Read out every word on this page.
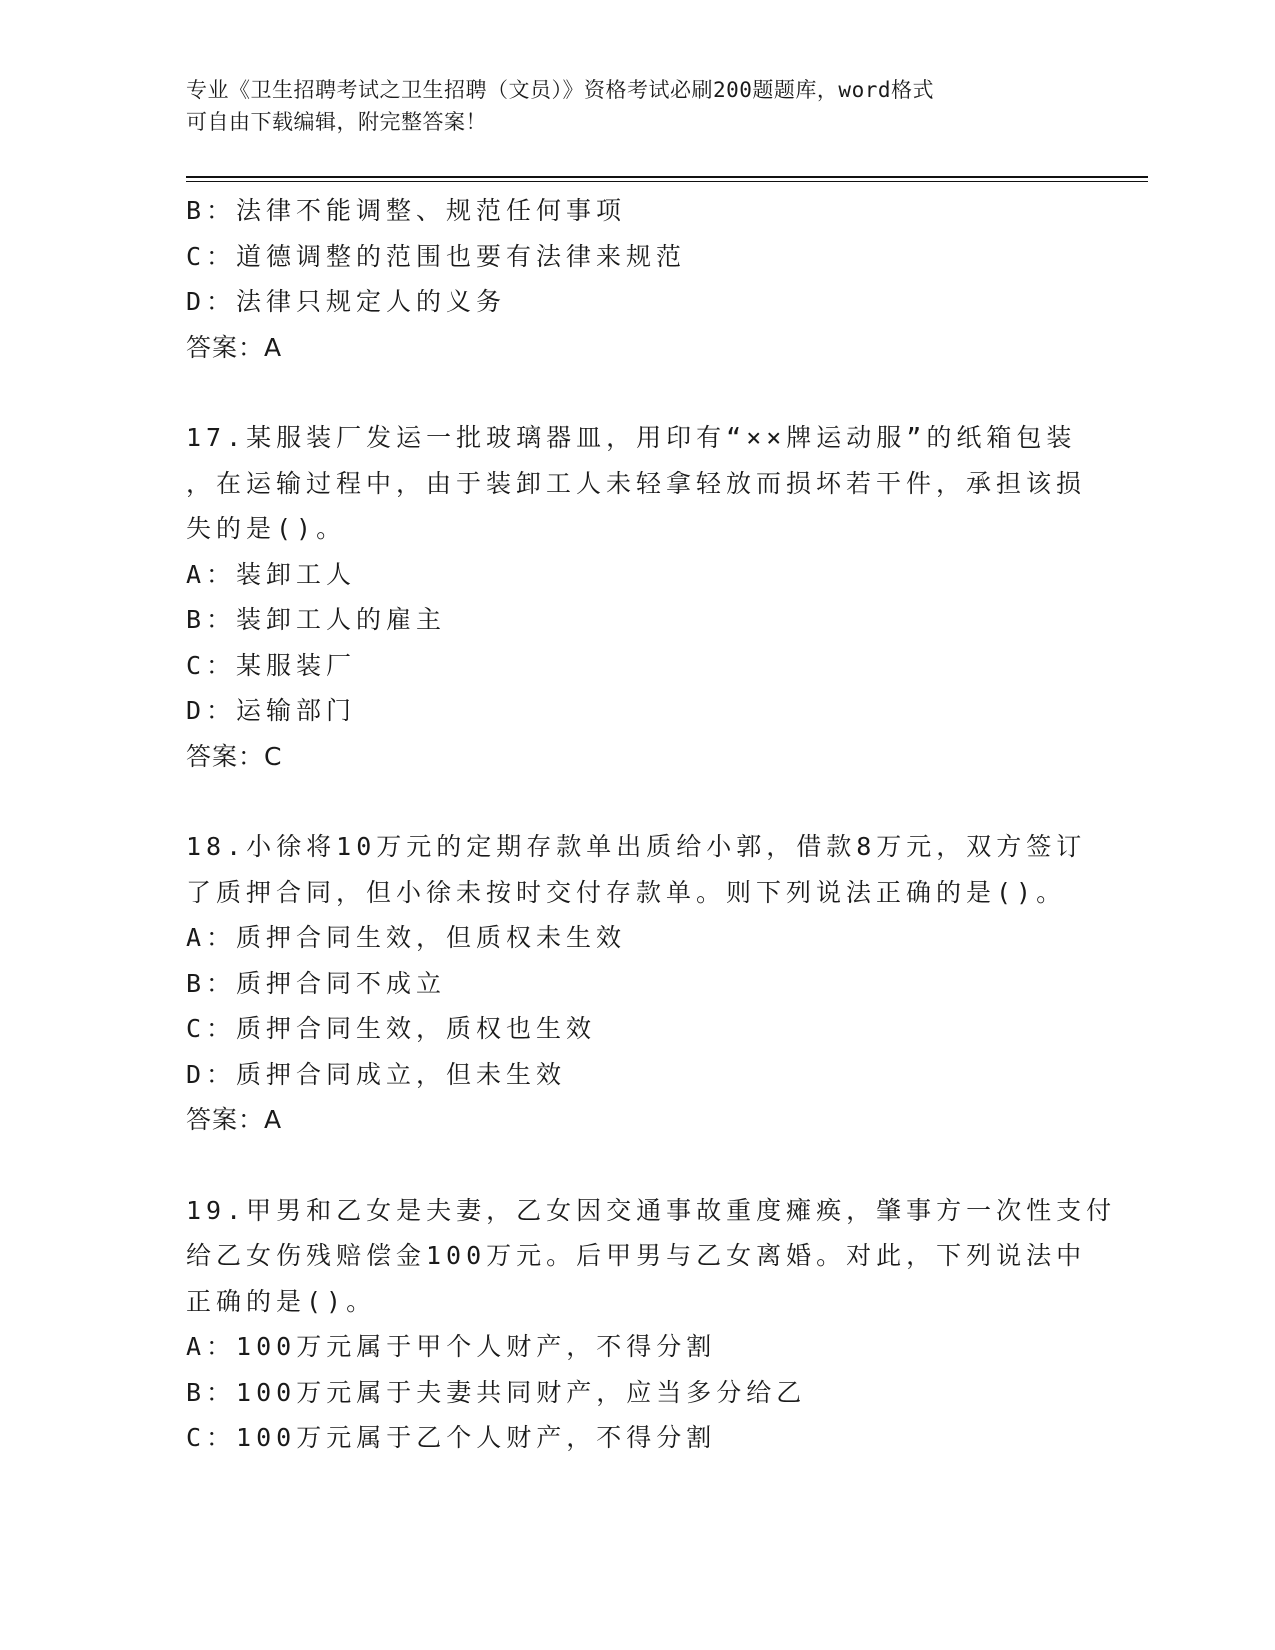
专业《卫生招聘考试之卫生招聘（文员）》资格考试必刷200题题库，word格式
可自由下载编辑，附完整答案！
B：法律不能调整、规范任何事项
C：道德调整的范围也要有法律来规范
D：法律只规定人的义务
答案：A
17.某服装厂发运一批玻璃器皿，用印有“××牌运动服”的纸箱包装
，在运输过程中，由于装卸工人未轻拿轻放而损坏若干件，承担该损
失的是()。
A：装卸工人
B：装卸工人的雇主
C：某服装厂
D：运输部门
答案：C
18.小徐将10万元的定期存款单出质给小郭，借款8万元，双方签订
了质押合同，但小徐未按时交付存款单。则下列说法正确的是()。
A：质押合同生效，但质权未生效
B：质押合同不成立
C：质押合同生效，质权也生效
D：质押合同成立，但未生效
答案：A
19.甲男和乙女是夫妻，乙女因交通事故重度瘫痪，肇事方一次性支付
给乙女伤残赔偿金100万元。后甲男与乙女离婚。对此，下列说法中
正确的是()。
A：100万元属于甲个人财产，不得分割
B：100万元属于夫妻共同财产，应当多分给乙
C：100万元属于乙个人财产，不得分割
